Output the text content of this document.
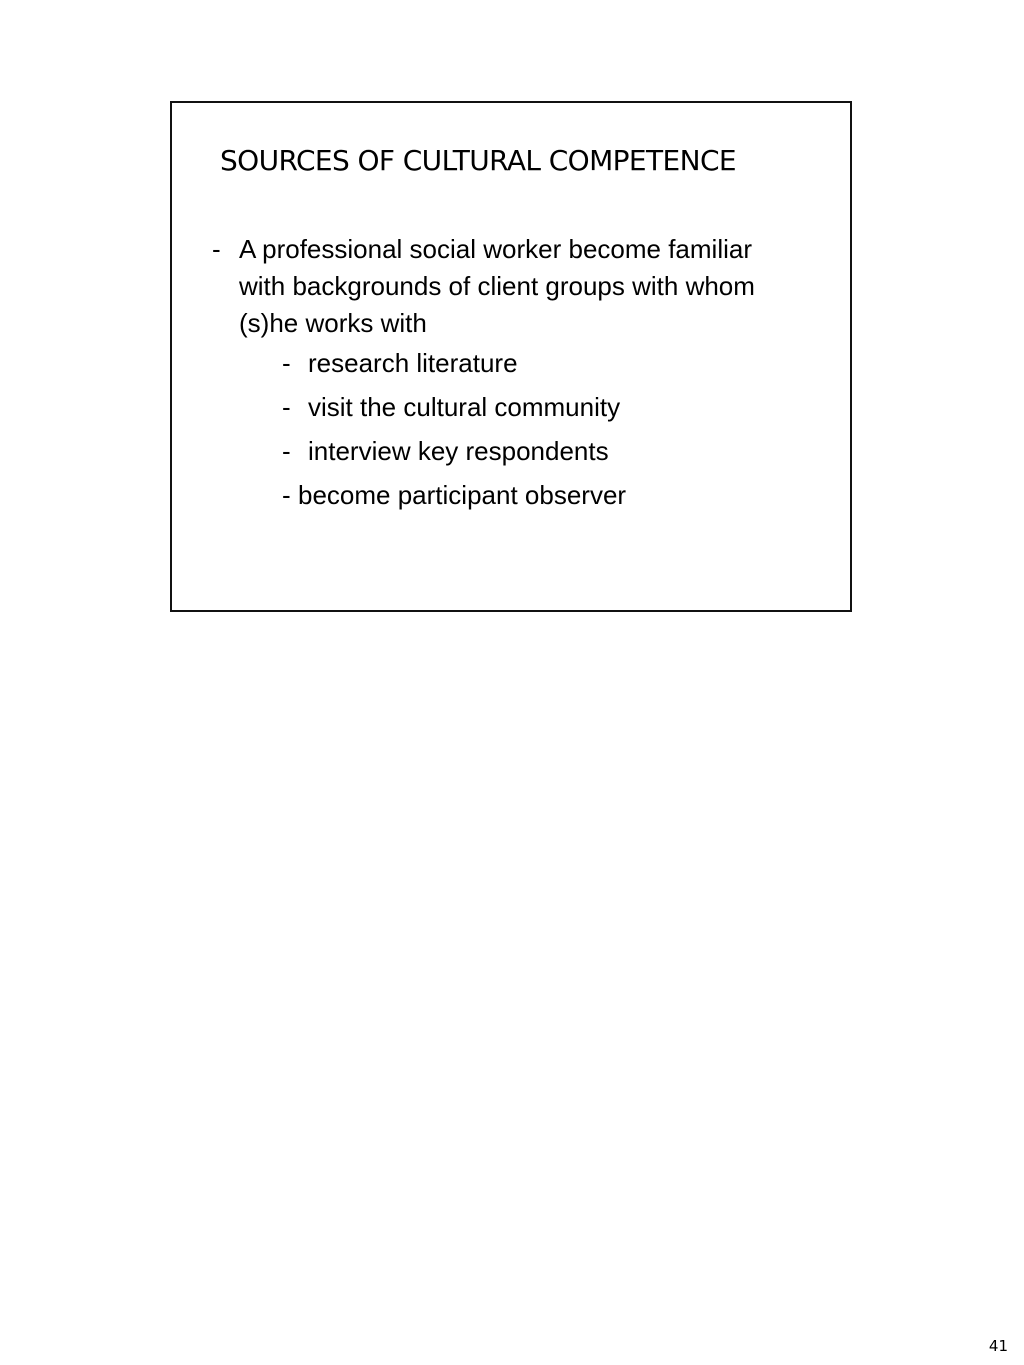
SOURCES OF CULTURAL COMPETENCE
- A professional social worker become familiar with backgrounds of client groups with whom (s)he works with
- research literature
- visit the cultural community
- interview key respondents
- become participant observer
41
